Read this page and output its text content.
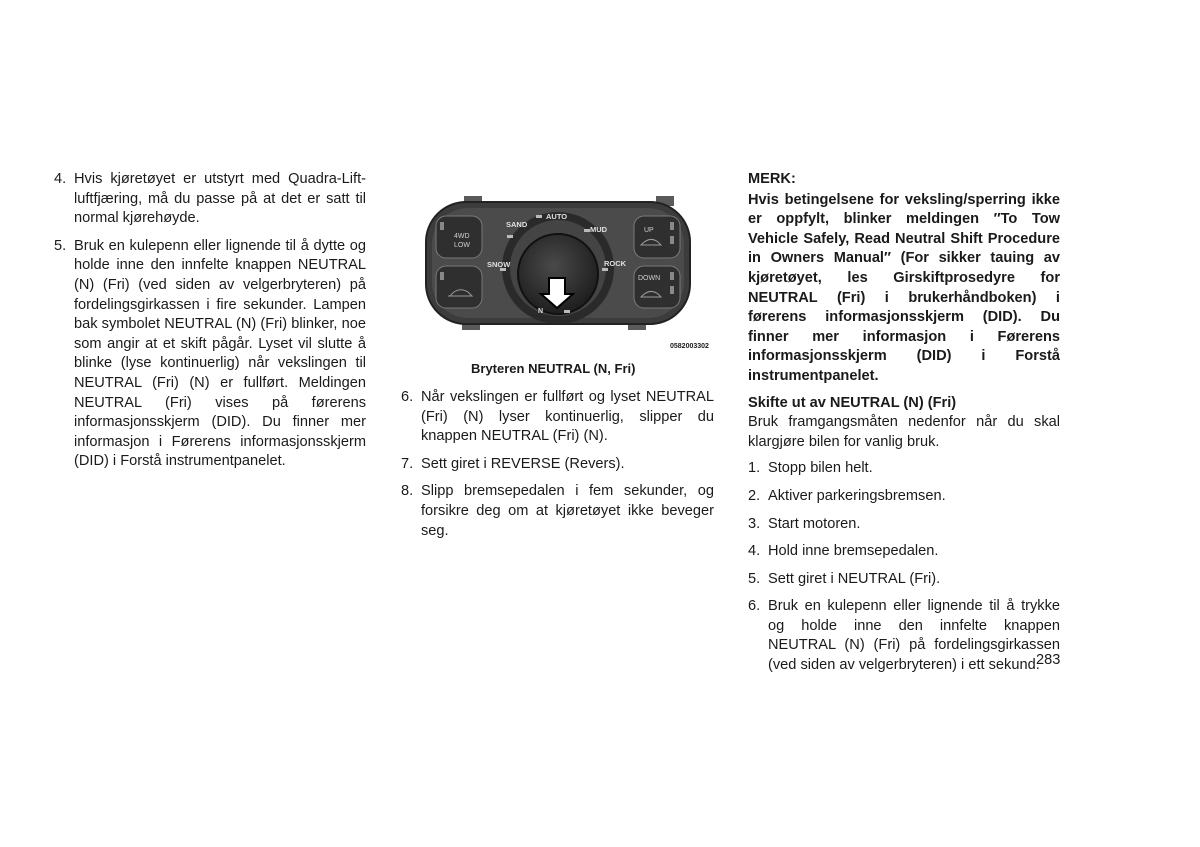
4. Hvis kjøretøyet er utstyrt med Quadra-Lift-luftfjæring, må du passe på at det er satt til normal kjørehøyde.
5. Bruk en kulepenn eller lignende til å dytte og holde inne den innfelte knappen NEUTRAL (N) (Fri) (ved siden av velgerbryteren) på fordelingsgirkassen i fire sekunder. Lampen bak symbolet NEUTRAL (N) (Fri) blinker, noe som angir at et skift pågår. Lyset vil slutte å blinke (lyse kontinuerlig) når vekslingen til NEUTRAL (Fri) (N) er fullført. Meldingen NEUTRAL (Fri) vises på førerens informasjonsskjerm (DID). Du finner mer informasjon i Førerens informasjonsskjerm (DID) i Forstå instrumentpanelet.
AUTO
SAND
MUD
SNOW	ROCK
4WD
LOW
UP
DOWN
N
0582003302
Bryteren NEUTRAL (N, Fri)
6. Når vekslingen er fullført og lyset NEUTRAL (Fri) (N) lyser kontinuerlig, slipper du knappen NEUTRAL (Fri) (N).
7. Sett giret i REVERSE (Revers).
8. Slipp bremsepedalen i fem sekunder, og forsikre deg om at kjøretøyet ikke beveger seg.
MERK:
Hvis betingelsene for veksling/sperring ikke er oppfylt, blinker meldingen ″To Tow Vehicle Safely, Read Neutral Shift Procedure in Owners Manual″ (For sikker tauing av kjøretøyet, les Girskiftprosedyre for NEUTRAL (Fri) i brukerhåndboken) i førerens informasjonsskjerm (DID). Du finner mer informasjon i Førerens informasjonsskjerm (DID) i Forstå instrumentpanelet.
Skifte ut av NEUTRAL (N) (Fri)
Bruk framgangsmåten nedenfor når du skal klargjøre bilen for vanlig bruk.
1. Stopp bilen helt.
2. Aktiver parkeringsbremsen.
3. Start motoren.
4. Hold inne bremsepedalen.
5. Sett giret i NEUTRAL (Fri).
6. Bruk en kulepenn eller lignende til å trykke og holde inne den innfelte knappen NEUTRAL (N) (Fri) på fordelingsgirkassen (ved siden av velgerbryteren) i ett sekund.
283
